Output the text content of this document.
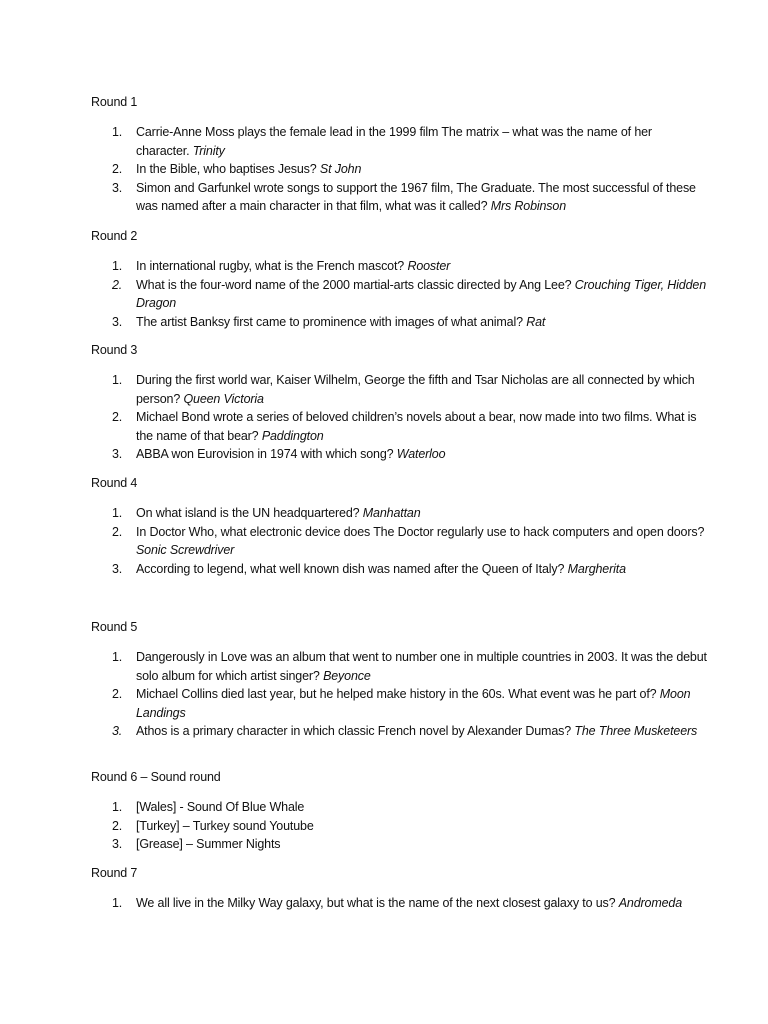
Round 1
1. Carrie-Anne Moss plays the female lead in the 1999 film The matrix – what was the name of her character. Trinity
2. In the Bible, who baptises Jesus? St John
3. Simon and Garfunkel wrote songs to support the 1967 film, The Graduate. The most successful of these was named after a main character in that film, what was it called? Mrs Robinson
Round 2
1. In international rugby, what is the French mascot? Rooster
2. What is the four-word name of the 2000 martial-arts classic directed by Ang Lee? Crouching Tiger, Hidden Dragon
3. The artist Banksy first came to prominence with images of what animal? Rat
Round 3
1. During the first world war, Kaiser Wilhelm, George the fifth and Tsar Nicholas are all connected by which person? Queen Victoria
2. Michael Bond wrote a series of beloved children’s novels about a bear, now made into two films. What is the name of that bear? Paddington
3. ABBA won Eurovision in 1974 with which song? Waterloo
Round 4
1. On what island is the UN headquartered? Manhattan
2. In Doctor Who, what electronic device does The Doctor regularly use to hack computers and open doors? Sonic Screwdriver
3. According to legend, what well known dish was named after the Queen of Italy? Margherita
Round 5
1. Dangerously in Love was an album that went to number one in multiple countries in 2003. It was the debut solo album for which artist singer? Beyonce
2. Michael Collins died last year, but he helped make history in the 60s. What event was he part of? Moon Landings
3. Athos is a primary character in which classic French novel by Alexander Dumas? The Three Musketeers
Round 6 – Sound round
1. [Wales] - Sound Of Blue Whale
2. [Turkey] – Turkey sound Youtube
3. [Grease] – Summer Nights
Round 7
1. We all live in the Milky Way galaxy, but what is the name of the next closest galaxy to us? Andromeda
